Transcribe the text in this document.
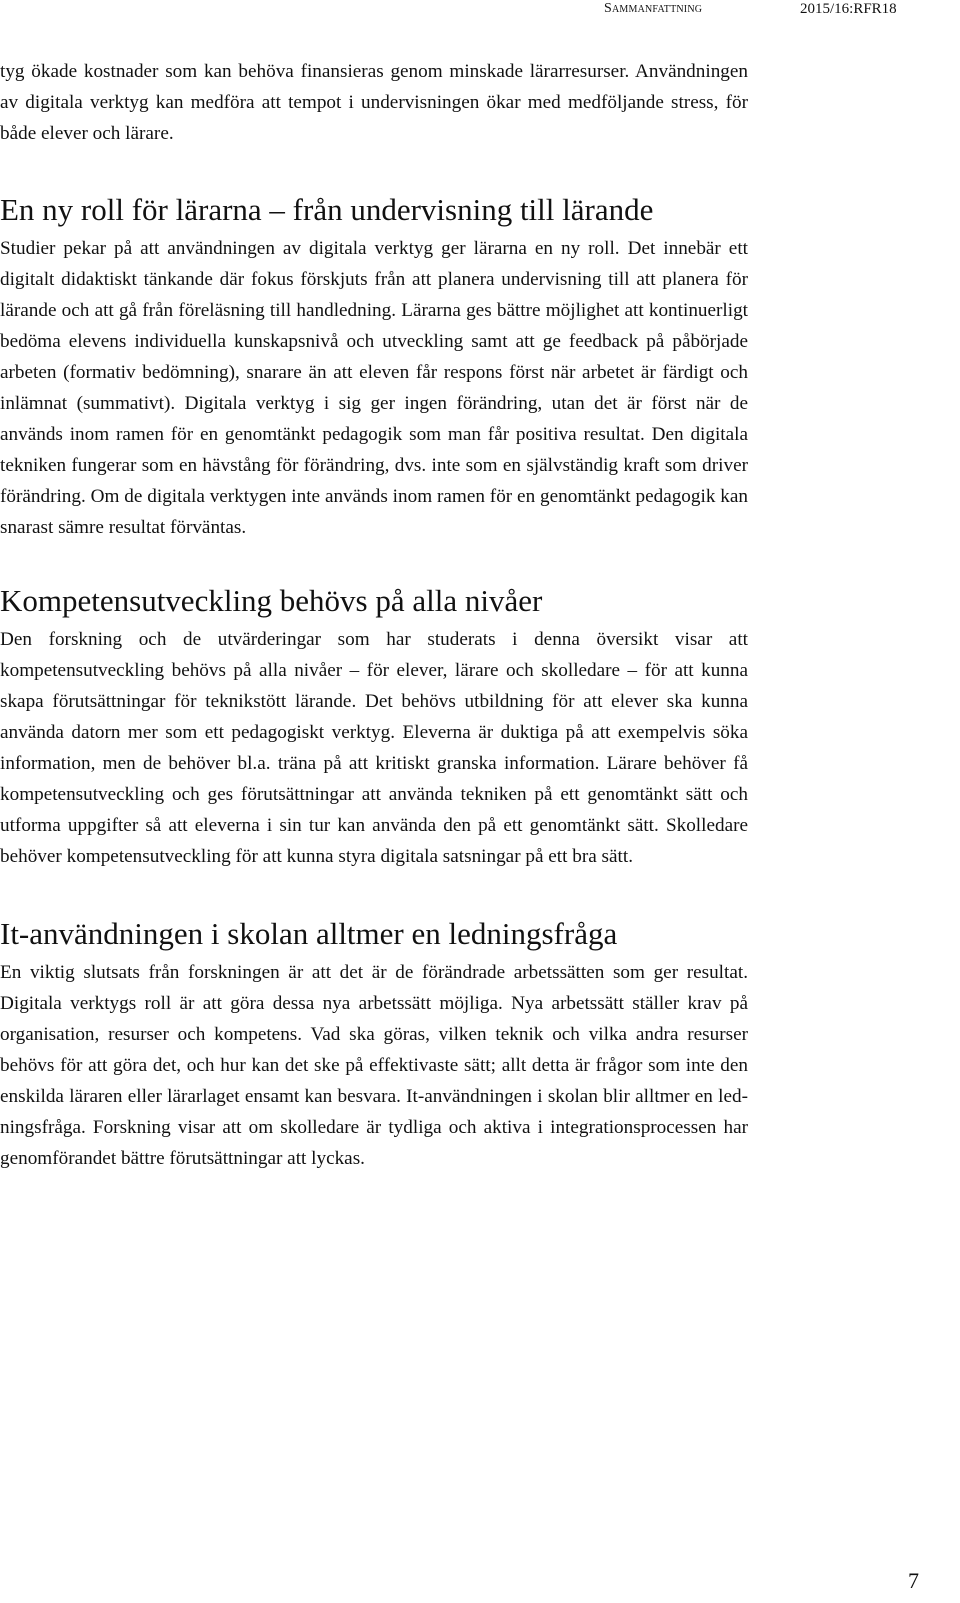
Sammanfattning	2015/16:RFR18

tyg ökade kostnader som kan behöva finansieras genom minskade lärarresurser. Användningen av digitala verktyg kan medföra att tempot i undervisningen ökar med medföljande stress, för både elever och lärare.

En ny roll för lärarna – från undervisning till lärande

Studier pekar på att användningen av digitala verktyg ger lärarna en ny roll. Det innebär ett digitalt didaktiskt tänkande där fokus förskjuts från att planera undervisning till att planera för lärande och att gå från föreläsning till handledning. Lärarna ges bättre möjlighet att kontinuerligt bedöma elevens individuella kunskapsnivå och utveckling samt att ge feedback på påbörjade arbeten (formativ bedömning), snarare än att eleven får respons först när arbetet är färdigt och inlämnat (summativt). Digitala verktyg i sig ger ingen förändring, utan det är först när de används inom ramen för en genomtänkt pedagogik som man får positiva resultat. Den digitala tekniken fungerar som en hävstång för förändring, dvs. inte som en självständig kraft som driver förändring. Om de digitala verktygen inte används inom ramen för en genomtänkt pedagogik kan snarast sämre resultat förväntas.

Kompetensutveckling behövs på alla nivåer

Den forskning och de utvärderingar som har studerats i denna översikt visar att kompetensutveckling behövs på alla nivåer – för elever, lärare och skolledare – för att kunna skapa förutsättningar för teknikstött lärande. Det behövs utbildning för att elever ska kunna använda datorn mer som ett pedagogiskt verktyg. Eleverna är duktiga på att exempelvis söka information, men de behöver bl.a. träna på att kritiskt granska information. Lärare behöver få kompetensutveckling och ges förutsättningar att använda tekniken på ett genomtänkt sätt och utforma uppgifter så att eleverna i sin tur kan använda den på ett genomtänkt sätt. Skolledare behöver kompetensutveckling för att kunna styra digitala satsningar på ett bra sätt.

It-användningen i skolan alltmer en ledningsfråga

En viktig slutsats från forskningen är att det är de förändrade arbetssätten som ger resultat. Digitala verktygs roll är att göra dessa nya arbetssätt möjliga. Nya arbetssätt ställer krav på organisation, resurser och kompetens. Vad ska göras, vilken teknik och vilka andra resurser behövs för att göra det, och hur kan det ske på effektivaste sätt; allt detta är frågor som inte den enskilda läraren eller lärarlaget ensamt kan besvara. It-användningen i skolan blir alltmer en ledningsfråga. Forskning visar att om skolledare är tydliga och aktiva i integrationsprocessen har genomförandet bättre förutsättningar att lyckas.

7
